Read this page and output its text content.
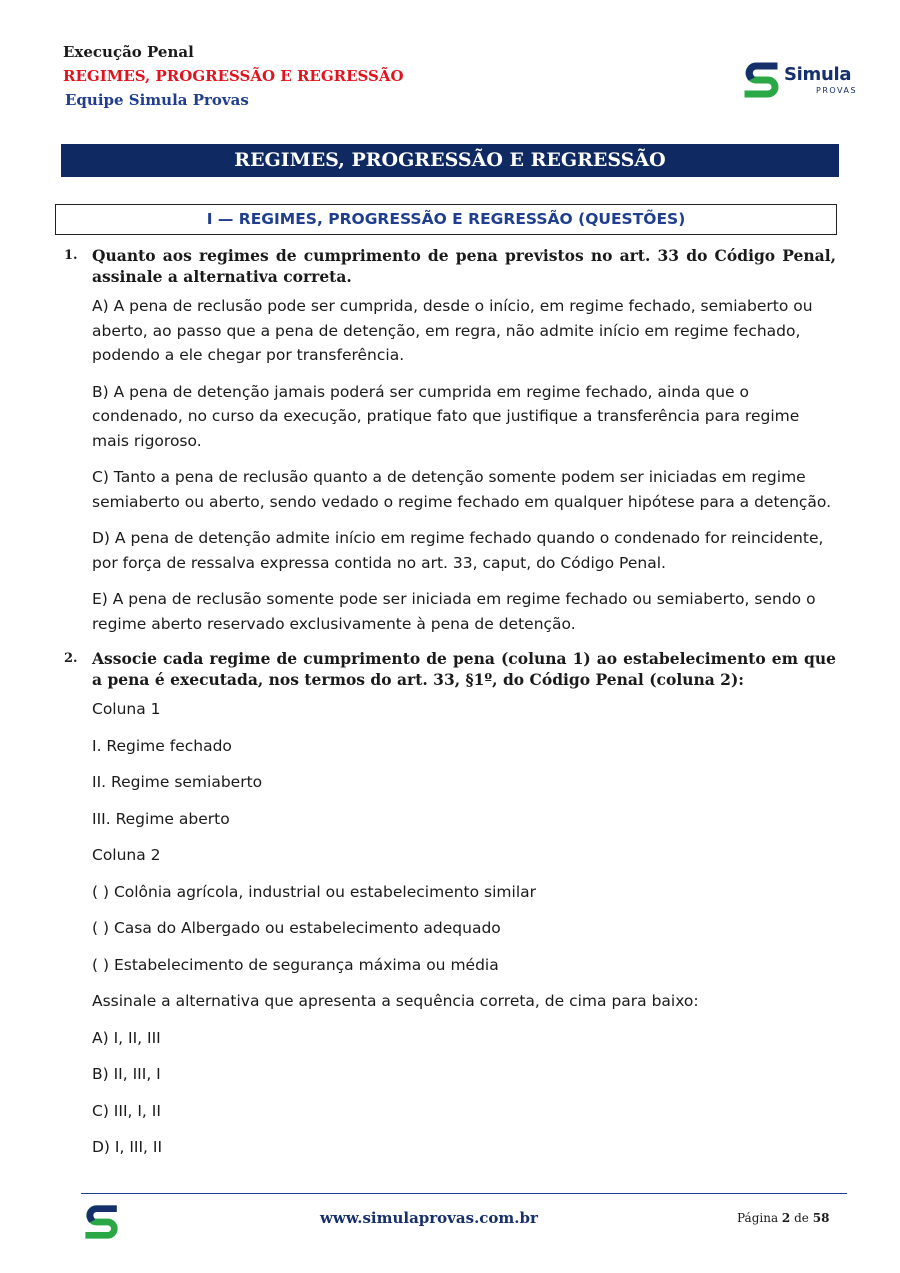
Execução Penal
REGIMES, PROGRESSÃO E REGRESSÃO
Equipe Simula Provas
Simula
PROVAS
REGIMES, PROGRESSÃO E REGRESSÃO
I — REGIMES, PROGRESSÃO E REGRESSÃO (QUESTÕES)
1. Quanto aos regimes de cumprimento de pena previstos no art. 33 do Código Penal, assinale a alternativa correta.

A) A pena de reclusão pode ser cumprida, desde o início, em regime fechado, semiaberto ou aberto, ao passo que a pena de detenção, em regra, não admite início em regime fechado, podendo a ele chegar por transferência.

B) A pena de detenção jamais poderá ser cumprida em regime fechado, ainda que o condenado, no curso da execução, pratique fato que justifique a transferência para regime mais rigoroso.

C) Tanto a pena de reclusão quanto a de detenção somente podem ser iniciadas em regime semiaberto ou aberto, sendo vedado o regime fechado em qualquer hipótese para a detenção.

D) A pena de detenção admite início em regime fechado quando o condenado for reincidente, por força de ressalva expressa contida no art. 33, caput, do Código Penal.

E) A pena de reclusão somente pode ser iniciada em regime fechado ou semiaberto, sendo o regime aberto reservado exclusivamente à pena de detenção.

2. Associe cada regime de cumprimento de pena (coluna 1) ao estabelecimento em que a pena é executada, nos termos do art. 33, §1º, do Código Penal (coluna 2):

Coluna 1

I. Regime fechado

II. Regime semiaberto

III. Regime aberto

Coluna 2

( ) Colônia agrícola, industrial ou estabelecimento similar

( ) Casa do Albergado ou estabelecimento adequado

( ) Estabelecimento de segurança máxima ou média

Assinale a alternativa que apresenta a sequência correta, de cima para baixo:

A) I, II, III

B) II, III, I

C) III, I, II

D) I, III, II

www.simulaprovas.com.br	Página 2 de 58
